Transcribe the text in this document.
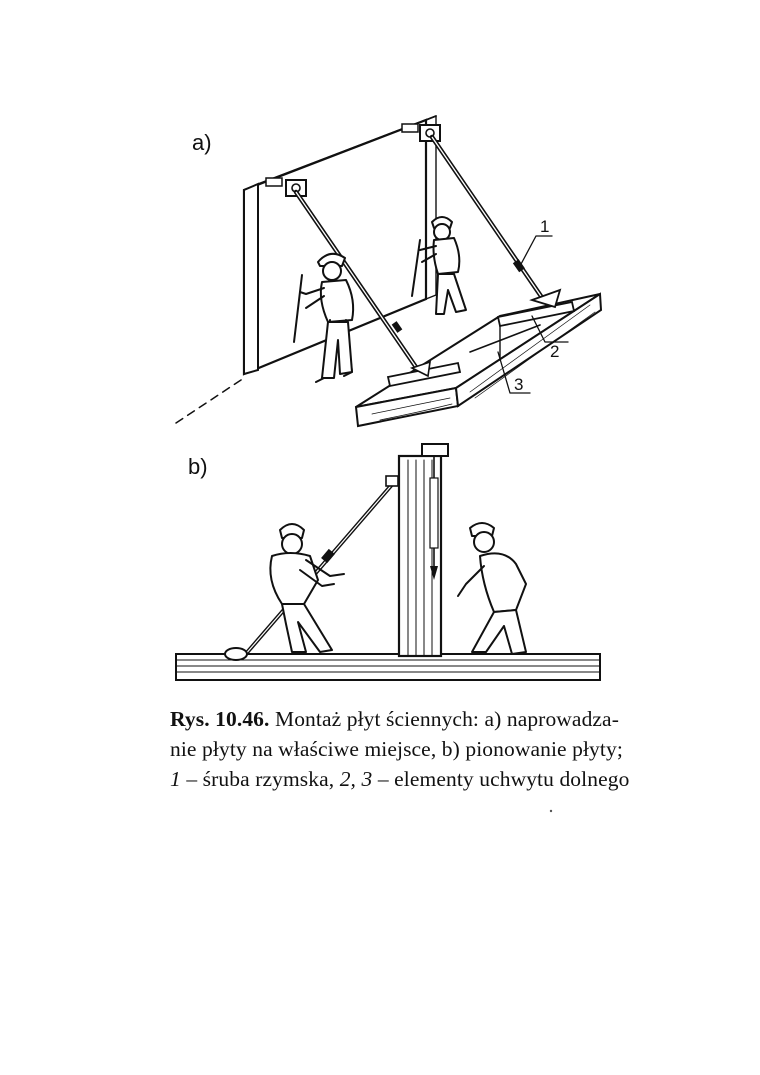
a)
1
2
3
b)
Rys. 10.46. Montaż płyt ściennych: a) naprowadza-
nie płyty na właściwe miejsce, b) pionowanie płyty;
1 – śruba rzymska, 2, 3 – elementy uchwytu dolnego
